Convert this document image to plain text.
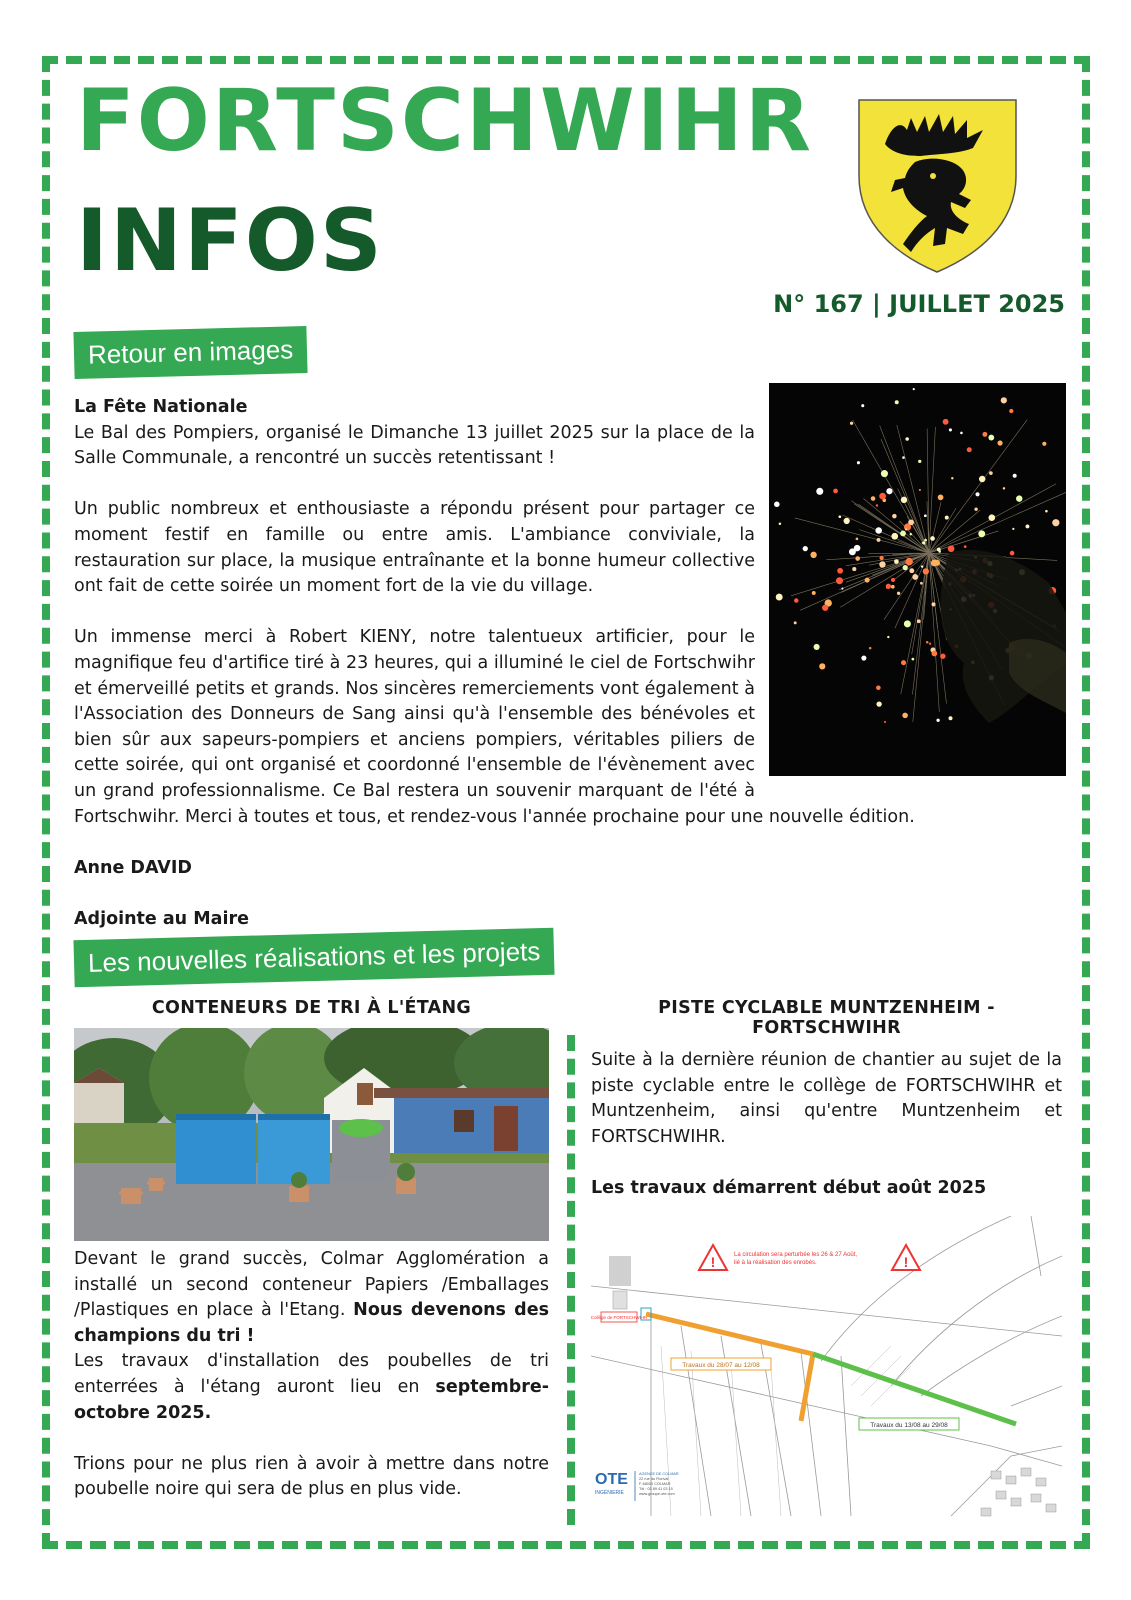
FORTSCHWIHR
INFOS
N° 167 | JUILLET 2025
Retour en images

La Fête Nationale

Le Bal des Pompiers, organisé le Dimanche 13 juillet 2025 sur la place de la Salle Communale, a rencontré un succès retentissant !

Un public nombreux et enthousiaste a répondu présent pour partager ce moment festif en famille ou entre amis. L'ambiance conviviale, la restauration sur place, la musique entraînante et la bonne humeur collective ont fait de cette soirée un moment fort de la vie du village.

Un immense merci à Robert KIENY, notre talentueux artificier, pour le magnifique feu d'artifice tiré à 23 heures, qui a illuminé le ciel de Fortschwihr et émerveillé petits et grands. Nos sincères remerciements vont également à l'Association des Donneurs de Sang ainsi qu'à l'ensemble des bénévoles et bien sûr aux sapeurs-pompiers et anciens pompiers, véritables piliers de cette soirée, qui ont organisé et coordonné l'ensemble de l'évènement avec un grand professionnalisme. Ce Bal restera un souvenir marquant de l'été à Fortschwihr. Merci à toutes et tous, et rendez-vous l'année prochaine pour une nouvelle édition.

Anne DAVID

Adjointe au Maire

Les nouvelles réalisations et les projets

CONTENEURS DE TRI À L'ÉTANG

Devant le grand succès, Colmar Agglomération a installé un second conteneur Papiers /Emballages /Plastiques en place à l'Etang. Nous devenons des champions du tri !

Les travaux d'installation des poubelles de tri enterrées à l'étang auront lieu en septembre-octobre 2025.

Trions pour ne plus rien à avoir à mettre dans notre poubelle noire qui sera de plus en plus vide.

PISTE CYCLABLE MUNTZENHEIM - FORTSCHWIHR

Suite à la dernière réunion de chantier au sujet de la piste cyclable entre le collège de FORTSCHWIHR et Muntzenheim, ainsi qu'entre Muntzenheim et FORTSCHWIHR.

Les travaux démarrent début août 2025

Collège de FORTSCHWIHR
!	!
La circulation sera perturbée les 26 & 27 Août,
lié à la réalisation des enrobés.
Travaux du 28/07 au 12/08
Travaux du 13/08 au 29/08
OTE
INGÉNIERIE
AGENCE DE COLMAR
22 rue du Florival
F-68000 COLMAR
Tél : 03 89 41 03 15
www.groupe-ote.com
